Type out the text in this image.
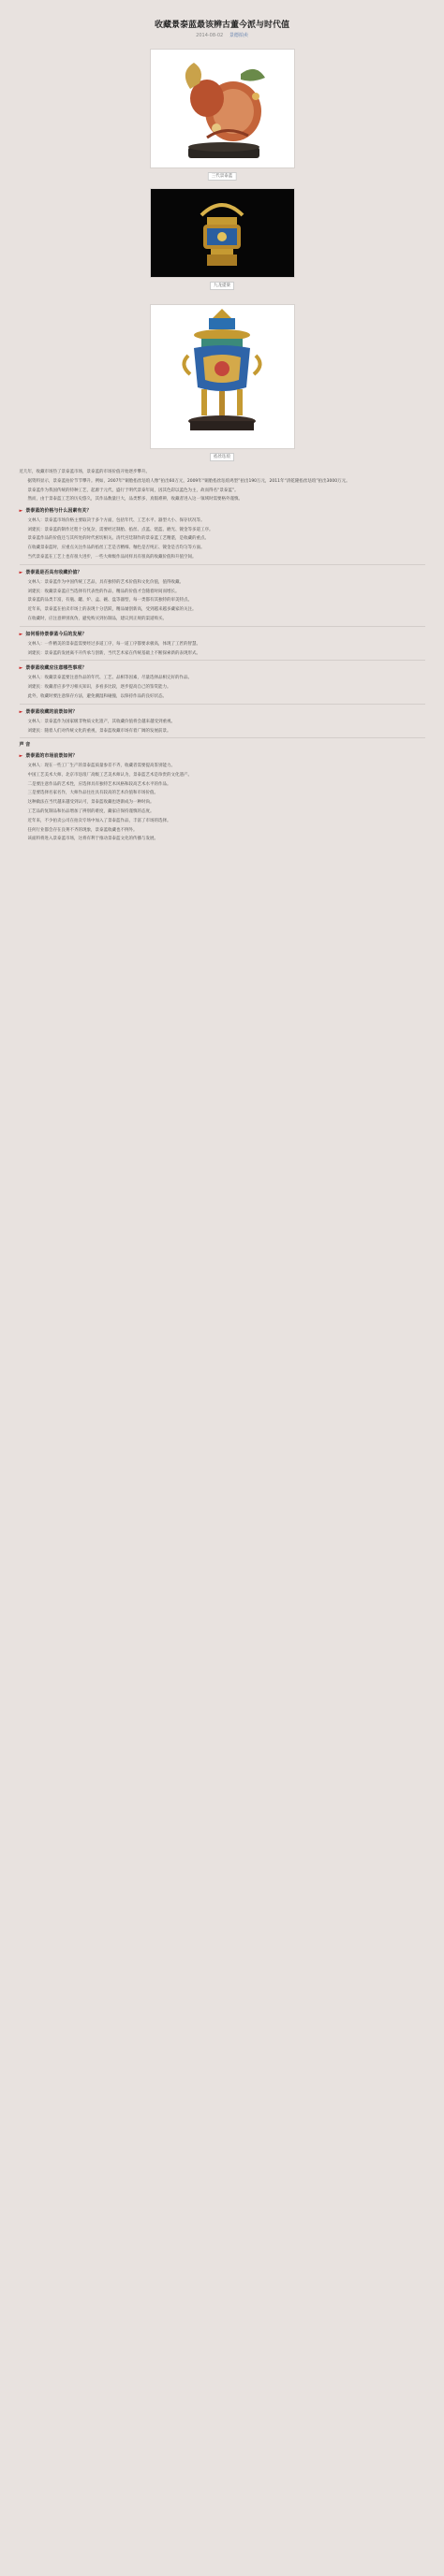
收藏景泰蓝最该辨古董今派与时代值
2014-08-02 景德拍卖
三代景泰蓝
九龙提梁
掐丝珐琅

近几年，收藏市场热了景泰蓝市场，景泰蓝的市场价值开始逐步攀升。

据资料显示，景泰蓝拍价节节攀升。例如，2007年“铜胎掐丝珐琅人像”拍出60万元，2009年“铜胎掐丝珐琅鸡型”拍出190万元，2011年“清乾隆掐丝珐琅”拍出3000万元。

景泰蓝作为我国传统的特种工艺，起源于元代，盛行于明代景泰年间，因其色彩以蓝色为主，故而得名“景泰蓝”。

然而，由于景泰蓝工艺的历史悠久，其作品数量巨大，品类繁多，真假难辨，收藏者进入这一领域时需要格外谨慎。

► 景泰蓝的价格与什么因素有关？

文林人：景泰蓝市场价格主要取决于多个方面，包括年代、工艺水平、器型大小、保存状况等。

刘建民：景泰蓝的制作过程十分复杂，需要经过制胎、掐丝、点蓝、烧蓝、磨光、镀金等多道工序。

景泰蓝作品的价值还与其所处的时代密切相关。清代宫廷制作的景泰蓝工艺精湛，是收藏的重点。

在收藏景泰蓝时，应重点关注作品的掐丝工艺是否精细、釉色是否纯正、镀金是否均匀等方面。

当代景泰蓝在工艺上也有很大进步，一些大师级作品同样具有很高的收藏价值和升值空间。

► 景泰蓝是否具有收藏价值？

文林人：景泰蓝作为中国传统工艺品，具有独特的艺术价值和文化价值，值得收藏。

刘建民：收藏景泰蓝应当选择有代表性的作品，精品的价值才会随着时间而增长。

景泰蓝的品类丰富，有瓶、罐、炉、盒、碗、盘等器型，每一类都有其独特的审美特点。

近年来，景泰蓝在拍卖市场上的表现十分活跃，精品屡创新高，受到越来越多藏家的关注。

在收藏时，应注意辨别真伪，避免购买到仿制品，建议到正规的渠道购买。

► 如何看待景泰蓝今后的发展？

文林人：一件精美的景泰蓝需要经过多道工序，每一道工序都要求极高，体现了工匠的智慧。

刘建民：景泰蓝的发展离不开传承与创新，当代艺术家在传统基础上不断探索新的表现形式。

► 景泰蓝收藏应注意哪些事项？

文林人：收藏景泰蓝要注意作品的年代、工艺、品相等因素，尽量选择品相完好的作品。

刘建民：收藏者应多学习相关知识，多看多比较，逐步提高自己的鉴赏能力。

此外，收藏时要注意保存方法，避免潮湿和碰撞，以保持作品的良好状态。

► 景泰蓝收藏的前景如何？

文林人：景泰蓝作为国家级非物质文化遗产，其收藏价值将会越来越受到重视。

刘建民：随着人们对传统文化的重视，景泰蓝收藏市场有着广阔的发展前景。

声 音
► 景泰蓝的市场前景如何？

文林人：现在一些工厂生产的景泰蓝质量参差不齐，收藏者需要提高鉴别能力。

中国工艺美术大师、北京市珐琅厂高级工艺美术师认为，景泰蓝艺术是珍贵的文化遗产。

二是要注意作品的艺术性，应选择具有独特艺术风格和较高艺术水平的作品。

三是要选择名家名作，大师作品往往具有较高的艺术价值和市场价值。

这种做法在当代越来越受到认可，景泰蓝收藏也逐渐成为一种时尚。

工艺品的复制品和仿品增加了辨别的难度，藏家应保持谨慎的态度。

近年来，不少拍卖公司在拍卖专场中加入了景泰蓝作品，丰富了市场的选择。

任何行业都会存在良莠不齐的现象，景泰蓝收藏也不例外。

该面料将进入景泰蓝市场，这将有利于推动景泰蓝文化的传播与发展。
